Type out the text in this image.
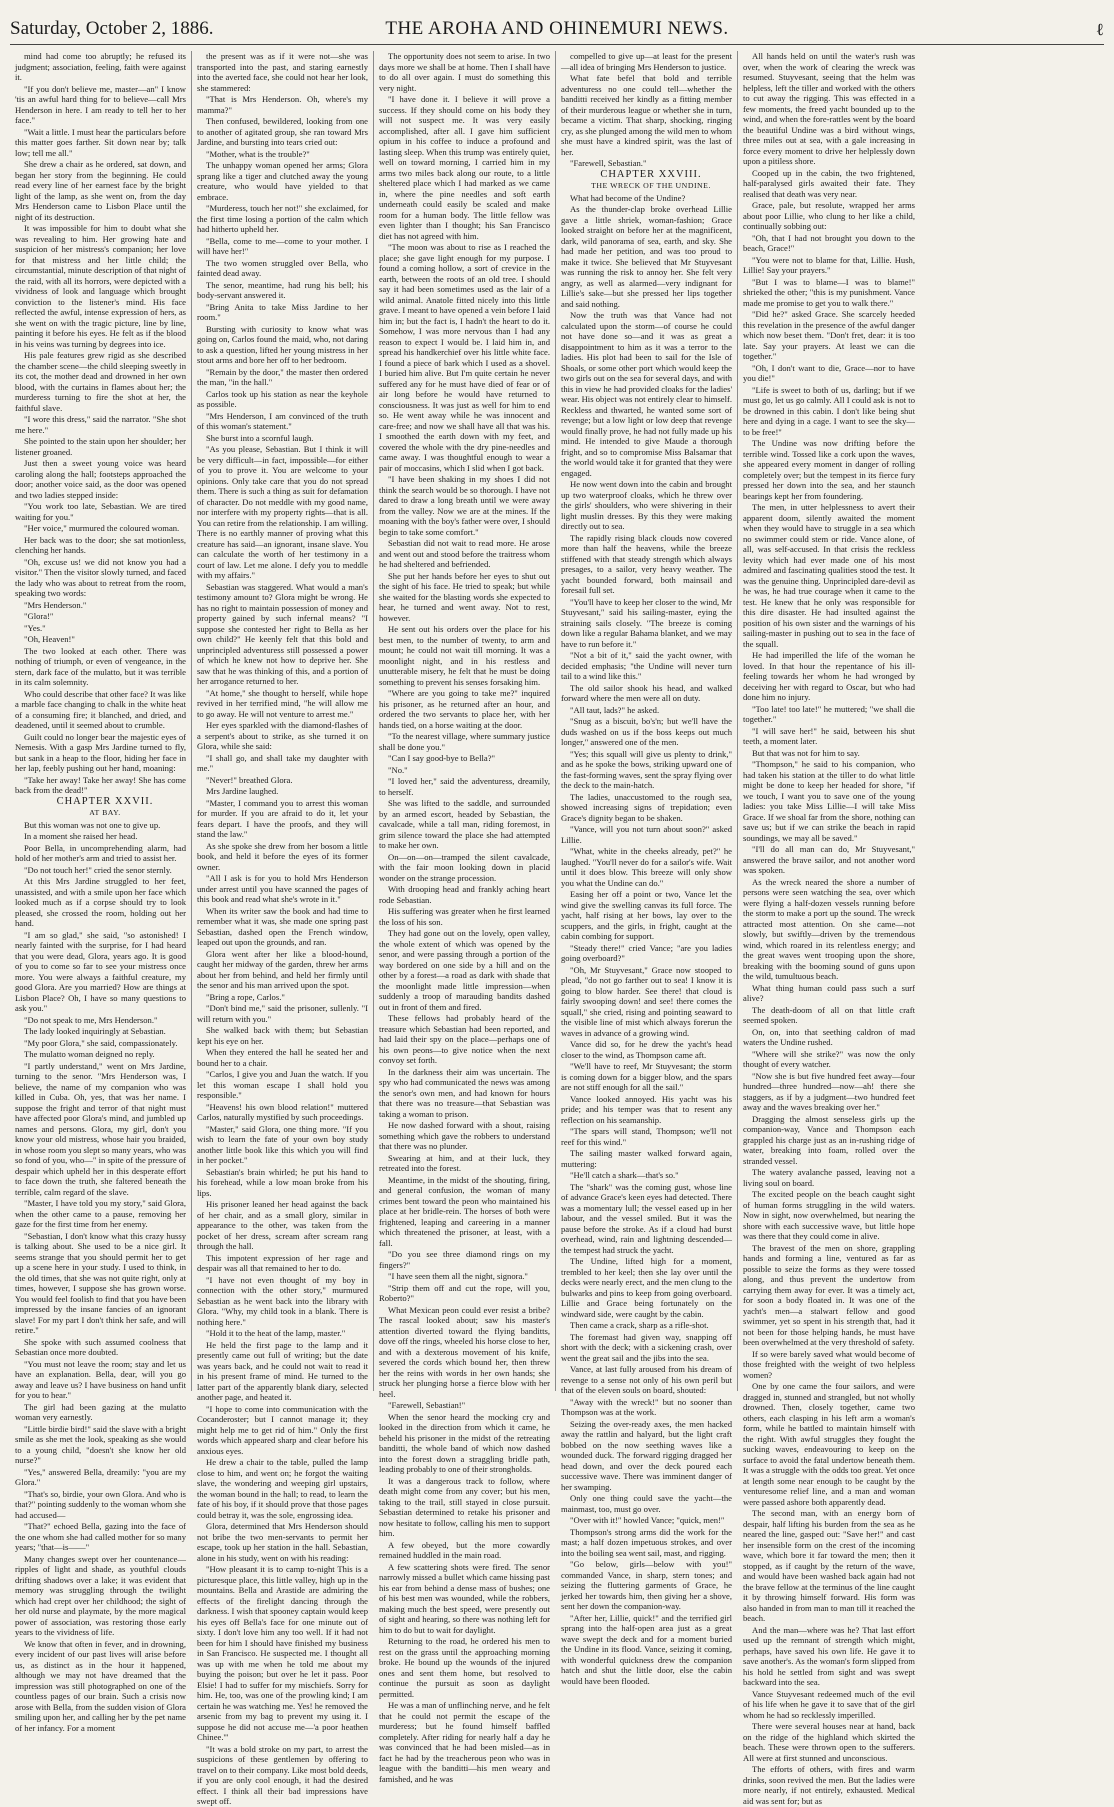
Saturday, October 2, 1886.	THE AROHA AND OHINEMURI NEWS.	ℓ

mind had come too abruptly; he refused its judgment; association, feeling, faith were against it.

"If you don't believe me, master—an" I know 'tis an awful hard thing for to believe—call Mrs Henderson in here. I am ready to tell her to her face."

"Wait a little. I must hear the particulars before this matter goes farther. Sit down near by; talk low; tell me all."

She drew a chair as he ordered, sat down, and began her story from the beginning. He could read every line of her earnest face by the bright light of the lamp, as she went on, from the day Mrs Henderson came to Lisbon Place until the night of its destruction.

It was impossible for him to doubt what she was revealing to him. Her growing hate and suspicion of her mistress's companion; her love for that mistress and her little child; the circumstantial, minute description of that night of the raid, with all its horrors, were depicted with a vividness of look and language which brought conviction to the listener's mind. His face reflected the awful, intense expression of hers, as she went on with the tragic picture, line by line, painting it before his eyes. He felt as if the blood in his veins was turning by degrees into ice.

His pale features grew rigid as she described the chamber scene—the child sleeping sweetly in its cot, the mother dead and drowned in her own blood, with the curtains in flames about her; the murderess turning to fire the shot at her, the faithful slave.

"I wore this dress," said the narrator. "She shot me here."

She pointed to the stain upon her shoulder; her listener groaned.

Just then a sweet young voice was heard caroling along the hall; footsteps approached the door; another voice said, as the door was opened and two ladies stepped inside:

"You work too late, Sebastian. We are tired waiting for you."

"Her voice," murmured the coloured woman.

Her back was to the door; she sat motionless, clenching her hands.

"Oh, excuse us! we did not know you had a visitor." Then the visitor slowly turned, and faced the lady who was about to retreat from the room, speaking two words:

"Mrs Henderson."

"Glora!"

"Yes."

"Oh, Heaven!"

The two looked at each other. There was nothing of triumph, or even of vengeance, in the stern, dark face of the mulatto, but it was terrible in its calm solemnity.

Who could describe that other face? It was like a marble face changing to chalk in the white heat of a consuming fire; it blanched, and dried, and deadened, until it seemed about to crumble.

Guilt could no longer bear the majestic eyes of Nemesis. With a gasp Mrs Jardine turned to fly, but sank in a heap to the floor, hiding her face in her lap, feebly pushing out her hand, moaning:

"Take her away! Take her away! She has come back from the dead!"

CHAPTER XXVII.

AT BAY.

But this woman was not one to give up.

In a moment she raised her head.

Poor Bella, in uncomprehending alarm, had hold of her mother's arm and tried to assist her.

"Do not touch her!" cried the senor sternly.

At this Mrs Jardine struggled to her feet, unassisted, and with a smile upon her face which looked much as if a corpse should try to look pleased, she crossed the room, holding out her hand.

"I am so glad," she said, "so astonished! I nearly fainted with the surprise, for I had heard that you were dead, Glora, years ago. It is good of you to come so far to see your mistress once more. You were always a faithful creature, my good Glora. Are you married? How are things at Lisbon Place? Oh, I have so many questions to ask you."

"Do not speak to me, Mrs Henderson."

The lady looked inquiringly at Sebastian.

"My poor Glora," she said, compassionately.

The mulatto woman deigned no reply.

"I partly understand," went on Mrs Jardine, turning to the senor. "Mrs Henderson was, I believe, the name of my companion who was killed in Cuba. Oh, yes, that was her name. I suppose the fright and terror of that night must have affected poor Glora's mind, and jumbled up names and persons. Glora, my girl, don't you know your old mistress, whose hair you braided, in whose room you slept so many years, who was so fond of you, who—" in spite of the pressure of despair which upheld her in this desperate effort to face down the truth, she faltered beneath the terrible, calm regard of the slave.

"Master, I have told you my story," said Glora, when the other came to a pause, removing her gaze for the first time from her enemy.

"Sebastian, I don't know what this crazy hussy is talking about. She used to be a nice girl. It seems strange that you should permit her to get up a scene here in your study. I used to think, in the old times, that she was not quite right, only at times, however, I suppose she has grown worse. You would feel foolish to find that you have been impressed by the insane fancies of an ignorant slave! For my part I don't think her safe, and will retire."

She spoke with such assumed coolness that Sebastian once more doubted.

"You must not leave the room; stay and let us have an explanation. Bella, dear, will you go away and leave us? I have business on hand unfit for you to hear."

The girl had been gazing at the mulatto woman very earnestly.

"Little birdie bird!" said the slave with a bright smile as she met the look, speaking as she would to a young child, "doesn't she know her old nurse?"

"Yes," answered Bella, dreamily: "you are my Glora."

"That's so, birdie, your own Glora. And who is that?" pointing suddenly to the woman whom she had accused—

"That?" echoed Bella, gazing into the face of the one whom she had called mother for so many years; "that—is——"

Many changes swept over her countenance—ripples of light and shade, as youthful clouds drifting shadows over a lake; it was evident that memory was struggling through the twilight which had crept over her childhood; the sight of her old nurse and playmate, by the more magical power of association, was restoring those early years to the vividness of life.

We know that often in fever, and in drowning, every incident of our past lives will arise before us, as distinct as in the hour it happened, although we may not have dreamed that the impression was still photographed on one of the countless pages of our brain. Such a crisis now arose with Bella, from the sudden vision of Glora smiling upon her, and calling her by the pet name of her infancy. For a moment

the present was as if it were not—she was transported into the past, and staring earnestly into the averted face, she could not hear her look, she stammered:

"That is Mrs Henderson. Oh, where's my mamma?"

Then confused, bewildered, looking from one to another of agitated group, she ran toward Mrs Jardine, and bursting into tears cried out:

"Mother, what is the trouble?"

The unhappy woman opened her arms; Glora sprang like a tiger and clutched away the young creature, who would have yielded to that embrace.

"Murderess, touch her not!" she exclaimed, for the first time losing a portion of the calm which had hitherto upheld her.

"Bella, come to me—come to your mother. I will have her!"

The two women struggled over Bella, who fainted dead away.

The senor, meantime, had rung his bell; his body-servant answered it.

"Bring Anita to take Miss Jardine to her room."

Bursting with curiosity to know what was going on, Carlos found the maid, who, not daring to ask a question, lifted her young mistress in her stout arms and bore her off to her bedroom.

"Remain by the door," the master then ordered the man, "in the hall."

Carlos took up his station as near the keyhole as possible.

"Mrs Henderson, I am convinced of the truth of this woman's statement."

She burst into a scornful laugh.

"As you please, Sebastian. But I think it will be very difficult—in fact, impossible—for either of you to prove it. You are welcome to your opinions. Only take care that you do not spread them. There is such a thing as suit for defamation of character. Do not meddle with my good name, nor interfere with my property rights—that is all. You can retire from the relationship. I am willing. There is no earthly manner of proving what this creature has said—an ignorant, insane slave. You can calculate the worth of her testimony in a court of law. Let me alone. I defy you to meddle with my affairs."

Sebastian was staggered. What would a man's testimony amount to? Glora might be wrong. He has no right to maintain possession of money and property gained by such infernal means? "I suppose she contested her right to Bella as her own child?" He keenly felt that this bold and unprincipled adventuress still possessed a power of which he knew not how to deprive her. She saw that he was thinking of this, and a portion of her arrogance returned to her.

"At home," she thought to herself, while hope revived in her terrified mind, "he will allow me to go away. He will not venture to arrest me."

Her eyes sparkled with the diamond-flashes of a serpent's about to strike, as she turned it on Glora, while she said:

"I shall go, and shall take my daughter with me."

"Never!" breathed Glora.

Mrs Jardine laughed.

"Master, I command you to arrest this woman for murder. If you are afraid to do it, let your fears depart. I have the proofs, and they will stand the law."

As she spoke she drew from her bosom a little book, and held it before the eyes of its former owner.

"All I ask is for you to hold Mrs Henderson under arrest until you have scanned the pages of this book and read what she's wrote in it."

When its writer saw the book and had time to remember what it was, she made one spring past Sebastian, dashed open the French window, leaped out upon the grounds, and ran.

Glora went after her like a blood-hound, caught her midway of the garden, threw her arms about her from behind, and held her firmly until the senor and his man arrived upon the spot.

"Bring a rope, Carlos."

"Don't bind me," said the prisoner, sullenly. "I will return with you."

She walked back with them; but Sebastian kept his eye on her.

When they entered the hall he seated her and bound her to a chair.

"Carlos, I give you and Juan the watch. If you let this woman escape I shall hold you responsible."

"Heavens! his own blood relation!" muttered Carlos, naturally mystified by such proceedings.

"Master," said Glora, one thing more. "If you wish to learn the fate of your own boy study another little book like this which you will find in her pocket."

Sebastian's brain whirled; he put his hand to his forehead, while a low moan broke from his lips.

His prisoner leaned her head against the back of her chair, and as a small glory, similar in appearance to the other, was taken from the pocket of her dress, scream after scream rang through the hall.

This impotent expression of her rage and despair was all that remained to her to do.

"I have not even thought of my boy in connection with the other story," murmured Sebastian as he went back into the library with Glora. "Why, my child took in a blank. There is nothing here."

"Hold it to the heat of the lamp, master."

He held the first page to the lamp and it presently came out full of writing; but the date was years back, and he could not wait to read it in his present frame of mind. He turned to the latter part of the apparently blank diary, selected another page, and heated it.

"I hope to come into communication with the Cocanderoster; but I cannot manage it; they might help me to get rid of him." Only the first words which appeared sharp and clear before his anxious eyes.

He drew a chair to the table, pulled the lamp close to him, and went on; he forgot the waiting slave, the wondering and weeping girl upstairs, the woman bound in the hall; to read, to learn the fate of his boy, if it should prove that those pages could betray it, was the sole, engrossing idea.

Glora, determined that Mrs Henderson should not bribe the two men-servants to permit her escape, took up her station in the hall. Sebastian, alone in his study, went on with his reading:

"How pleasant it is to camp to-night This is a picturesque place, this little valley, high up in the mountains. Bella and Arastide are admiring the effects of the firelight dancing through the darkness. I wish that spooney captain would keep his eyes off Bella's face for one minute out of sixty. I don't love him any too well. If it had not been for him I should have finished my business in San Francisco. He suspected me. I thought all was up with me when he told me about my buying the poison; but over he let it pass. Poor Elsie! I had to suffer for my mischiefs. Sorry for him. He, too, was one of the prowling kind; I am certain he was watching me. Yes! he removed the arsenic from my bag to prevent my using it. I suppose he did not accuse me—'a poor heathen Chinee.'"

"It was a bold stroke on my part, to arrest the suspicions of these gentlemen by offering to travel on to their company. Like most bold deeds, if you are only cool enough, it had the desired effect. I think all their bad impressions have swept off.

The opportunity does not seem to arise. In two days more we shall be at home. Then I shall have to do all over again. I must do something this very night.

"I have done it. I believe it will prove a success. If they should come on his body they will not suspect me. It was very easily accomplished, after all. I gave him sufficient opium in his coffee to induce a profound and lasting sleep. When this trump was entirely quiet, well on toward morning, I carried him in my arms two miles back along our route, to a little sheltered place which I had marked as we came in, where the pine needles and soft earth underneath could easily be scaled and make room for a human body. The little fellow was even lighter than I thought; his San Francisco diet has not agreed with him.

"The moon was about to rise as I reached the place; she gave light enough for my purpose. I found a coming hollow, a sort of crevice in the earth, between the roots of an old tree. I should say it had been sometimes used as the lair of a wild animal. Anatole fitted nicely into this little grave. I meant to have opened a vein before I laid him in; but the fact is, I hadn't the heart to do it. Somehow, I was more nervous than I had any reason to expect I would be. I laid him in, and spread his handkerchief over his little white face. I found a piece of bark which I used as a shovel. I buried him alive. But I'm quite certain he never suffered any for he must have died of fear or of air long before he would have returned to consciousness. It was just as well for him to end so. He went away while he was innocent and care-free; and now we shall have all that was his. I smoothed the earth down with my feet, and covered the whole with the dry pine-needles and came away. I was thoughtful enough to wear a pair of moccasins, which I slid when I got back.

"I have been shaking in my shoes I did not think the search would be so thorough. I have not dared to draw a long breath until we were away from the valley. Now we are at the mines. If the moaning with the boy's father were over, I should begin to take some comfort."

Sebastian did not wait to read more. He arose and went out and stood before the traitress whom he had sheltered and befriended.

She put her hands before her eyes to shut out the sight of his face. He tried to speak; but while she waited for the blasting words she expected to hear, he turned and went away. Not to rest, however.

He sent out his orders over the place for his best men, to the number of twenty, to arm and mount; he could not wait till morning. It was a moonlight night, and in his restless and unutterable misery, he felt that he must be doing something to prevent his senses forsaking him.

"Where are you going to take me?" inquired his prisoner, as he returned after an hour, and ordered the two servants to place her, with her hands tied, on a horse waiting at the door.

"To the nearest village, where summary justice shall be done you."

"Can I say good-bye to Bella?"

"No."

"I loved her," said the adventuress, dreamily, to herself.

She was lifted to the saddle, and surrounded by an armed escort, headed by Sebastian, the cavalcade, while a tall man, riding foremost, in grim silence toward the place she had attempted to make her own.

On—on—on—tramped the silent cavalcade, with the fair moon looking down in placid wonder on the strange procession.

With drooping head and frankly aching heart rode Sebastian.

His suffering was greater when he first learned the loss of his son.

They had gone out on the lovely, open valley, the whole extent of which was opened by the senor, and were passing through a portion of the way bordered on one side by a hill and on the other by a forest—a road as dark with shade that the moonlight made little impression—when suddenly a troop of marauding bandits dashed out in front of them and fired.

These fellows had probably heard of the treasure which Sebastian had been reported, and had laid their spy on the place—perhaps one of his own peons—to give notice when the next convoy set forth.

In the darkness their aim was uncertain. The spy who had communicated the news was among the senor's own men, and had known for hours that there was no treasure—that Sebastian was taking a woman to prison.

He now dashed forward with a shout, raising something which gave the robbers to understand that there was no plunder.

Swearing at him, and at their luck, they retreated into the forest.

Meantime, in the midst of the shouting, firing, and general confusion, the woman of many crimes bent toward the peon who maintained his place at her bridle-rein. The horses of both were frightened, leaping and careering in a manner which threatened the prisoner, at least, with a fall.

"Do you see three diamond rings on my fingers?"

"I have seen them all the night, signora."

"Strip them off and cut the rope, will you, Roberto?"

What Mexican peon could ever resist a bribe? The rascal looked about; saw his master's attention diverted toward the flying banditts, dove off the rings, wheeled his horse close to her, and with a dexterous movement of his knife, severed the cords which bound her, then threw her the reins with words in her own hands; she struck her plunging horse a fierce blow with her heel.

"Farewell, Sebastian!"

When the senor heard the mocking cry and looked in the direction from which it came, he beheld his prisoner in the midst of the retreating banditti, the whole band of which now dashed into the forest down a straggling bridle path, leading probably to one of their strongholds.

It was a dangerous track to follow, where death might come from any cover; but his men, taking to the trail, still stayed in close pursuit. Sebastian determined to retake his prisoner and now hesitate to follow, calling his men to support him.

A few obeyed, but the more cowardly remained huddled in the main road.

A few scattering shots were fired. The senor narrowly missed a bullet which came hissing past his ear from behind a dense mass of bushes; one of his best men was wounded, while the robbers, making much the best speed, were presently out of sight and hearing, so there was nothing left for him to do but to wait for daylight.

Returning to the road, he ordered his men to rest on the grass until the approaching morning broke. He bound up the wounds of the injured ones and sent them home, but resolved to continue the pursuit as soon as daylight permitted.

He was a man of unflinching nerve, and he felt that he could not permit the escape of the murderess; but he found himself baffled completely. After riding for nearly half a day he was convinced that he had been misled—as in fact he had by the treacherous peon who was in league with the banditti—his men weary and famished, and he was

compelled to give up—at least for the present—all idea of bringing Mrs Henderson to justice.

What fate befel that bold and terrible adventuress no one could tell—whether the banditti received her kindly as a fitting member of their murderous league or whether she in turn, became a victim. That sharp, shocking, ringing cry, as she plunged among the wild men to whom she must have a kindred spirit, was the last of her.

"Farewell, Sebastian."

CHAPTER XXVIII.

THE WRECK OF THE UNDINE.

What had become of the Undine?

As the thunder-clap broke overhead Lillie gave a little shriek, woman-fashion; Grace looked straight on before her at the magnificent, dark, wild panorama of sea, earth, and sky. She had made her petition, and was too proud to make it twice. She believed that Mr Stuyvesant was running the risk to annoy her. She felt very angry, as well as alarmed—very indignant for Lillie's sake—but she pressed her lips together and said nothing.

Now the truth was that Vance had not calculated upon the storm—of course he could not have done so—and it was as great a disappointment to him as it was a terror to the ladies. His plot had been to sail for the Isle of Shoals, or some other port which would keep the two girls out on the sea for several days, and with this in view he had provided cloaks for the ladies' wear. His object was not entirely clear to himself. Reckless and thwarted, he wanted some sort of revenge; but a low light or low deep that revenge would finally prove, he had not fully made up his mind. He intended to give Maude a thorough fright, and so to compromise Miss Balsamar that the world would take it for granted that they were engaged.

He now went down into the cabin and brought up two waterproof cloaks, which he threw over the girls' shoulders, who were shivering in their light muslin dresses. By this they were making directly out to sea.

The rapidly rising black clouds now covered more than half the heavens, while the breeze stiffened with that steady strength which always presages, to a sailor, very heavy weather. The yacht bounded forward, both mainsail and foresail full set.

"You'll have to keep her closer to the wind, Mr Stuyvesant," said his sailing-master, eying the straining sails closely. "The breeze is coming down like a regular Bahama blanket, and we may have to run before it."

"Not a bit of it," said the yacht owner, with decided emphasis; "the Undine will never turn tail to a wind like this."

The old sailor shook his head, and walked forward where the men were all on duty.

"All taut, lads?" he asked.

"Snug as a biscuit, bo's'n; but we'll have the duds washed on us if the boss keeps out much longer," answered one of the men.

"Yes; this squall will give us plenty to drink," and as he spoke the bows, striking upward one of the fast-forming waves, sent the spray flying over the deck to the main-hatch.

The ladies, unaccustomed to the rough sea, showed increasing signs of trepidation; even Grace's dignity began to be shaken.

"Vance, will you not turn about soon?" asked Lillie.

"What, white in the cheeks already, pet?" he laughed. "You'll never do for a sailor's wife. Wait until it does blow. This breeze will only show you what the Undine can do."

Easing her off a point or two, Vance let the wind give the swelling canvas its full force. The yacht, half rising at her bows, lay over to the scuppers, and the girls, in fright, caught at the cabin combing for support.

"Steady there!" cried Vance; "are you ladies going overboard?"

"Oh, Mr Stuyvesant," Grace now stooped to plead, "do not go farther out to sea! I know it is going to blow harder. See there! that cloud is fairly swooping down! and see! there comes the squall," she cried, rising and pointing seaward to the visible line of mist which always forerun the waves in advance of a growing wind.

Vance did so, for he drew the yacht's head closer to the wind, as Thompson came aft.

"We'll have to reef, Mr Stuyvesant; the storm is coming down for a bigger blow, and the spars are not stiff enough for all the sail."

Vance looked annoyed. His yacht was his pride; and his temper was that to resent any reflection on his seamanship.

"The spars will stand, Thompson; we'll not reef for this wind."

The sailing master walked forward again, muttering:

"He'll catch a shark—that's so."

The "shark" was the coming gust, whose line of advance Grace's keen eyes had detected. There was a momentary lull; the vessel eased up in her labour, and the vessel smiled. But it was the pause before the stroke. As if a cloud had burst overhead, wind, rain and lightning descended—the tempest had struck the yacht.

The Undine, lifted high for a moment, trembled to her keel; then she lay over until the decks were nearly erect, and the men clung to the bulwarks and pins to keep from going overboard. Lillie and Grace being fortunately on the windward side, were caught by the cabin.

Then came a crack, sharp as a rifle-shot.

The foremast had given way, snapping off short with the deck; with a sickening crash, over went the great sail and the jibs into the sea.

Vance, at last fully aroused from his dream of revenge to a sense not only of his own peril but that of the eleven souls on board, shouted:

"Away with the wreck!" but no sooner than Thompson was at the work.

Seizing the over-ready axes, the men hacked away the rattlin and halyard, but the light craft bobbed on the now seething waves like a wounded duck. The forward rigging dragged her head down, and over the deck poured each successive wave. There was imminent danger of her swamping.

Only one thing could save the yacht—the mainmast, too, must go over.

"Over with it!" howled Vance; "quick, men!"

Thompson's strong arms did the work for the mast; a half dozen impetuous strokes, and over into the boiling sea went sail, mast, and rigging.

"Go below, girls—below with you!" commanded Vance, in sharp, stern tones; and seizing the fluttering garments of Grace, he jerked her towards him, then giving her a shove, sent her down the companion-way.

"After her, Lillie, quick!" and the terrified girl sprang into the half-open area just as a great wave swept the deck and for a moment buried the Undine in its flood. Vance, seizing it coming, with wonderful quickness drew the companion hatch and shut the little door, else the cabin would have been flooded.

All hands held on until the water's rush was over, when the work of clearing the wreck was resumed. Stuyvesant, seeing that the helm was helpless, left the tiller and worked with the others to cut away the rigging. This was effected in a few moments, the freed yacht bounded up to the wind, and when the fore-rattles went by the board the beautiful Undine was a bird without wings, three miles out at sea, with a gale increasing in force every moment to drive her helplessly down upon a pitiless shore.

Cooped up in the cabin, the two frightened, half-paralysed girls awaited their fate. They realised that death was very near.

Grace, pale, but resolute, wrapped her arms about poor Lillie, who clung to her like a child, continually sobbing out:

"Oh, that I had not brought you down to the beach, Grace!"

"You were not to blame for that, Lillie. Hush, Lillie! Say your prayers."

"But I was to blame—I was to blame!" shrieked the other; "this is my punishment. Vance made me promise to get you to walk there."

"Did he?" asked Grace. She scarcely heeded this revelation in the presence of the awful danger which now beset them. "Don't fret, dear: it is too late. Say your prayers. At least we can die together."

"Oh, I don't want to die, Grace—nor to have you die!"

"Life is sweet to both of us, darling; but if we must go, let us go calmly. All I could ask is not to be drowned in this cabin. I don't like being shut here and dying in a cage. I want to see the sky—to be free!"

The Undine was now drifting before the terrible wind. Tossed like a cork upon the waves, she appeared every moment in danger of rolling completely over; but the tempest in its fierce fury pressed her down into the sea, and her staunch bearings kept her from foundering.

The men, in utter helplessness to avert their apparent doom, silently awaited the moment when they would have to struggle in a sea which no swimmer could stem or ride. Vance alone, of all, was self-accused. In that crisis the reckless levity which had ever made one of his most admired and fascinating qualities stood the test. It was the genuine thing. Unprincipled dare-devil as he was, he had true courage when it came to the test. He knew that he only was responsible for this dire disaster. He had insulted against the position of his own sister and the warnings of his sailing-master in pushing out to sea in the face of the squall.

He had imperilled the life of the woman he loved. In that hour the repentance of his ill-feeling towards her whom he had wronged by deceiving her with regard to Oscar, but who had done him no injury.

"Too late! too late!" he muttered; "we shall die together."

"I will save her!" he said, between his shut teeth, a moment later.

But that was not for him to say.

"Thompson," he said to his companion, who had taken his station at the tiller to do what little might be done to keep her headed for shore, "if we touch, I want you to save one of the young ladies: you take Miss Lillie—I will take Miss Grace. If we shoal far from the shore, nothing can save us; but if we can strike the beach in rapid soundings, we may all be saved."

"I'll do all man can do, Mr Stuyvesant," answered the brave sailor, and not another word was spoken.

As the wreck neared the shore a number of persons were seen watching the sea, over which were flying a half-dozen vessels running before the storm to make a port up the sound. The wreck attracted most attention. On she came—not slowly, but swiftly—driven by the tremendous wind, which roared in its relentless energy; and the great waves went trooping upon the shore, breaking with the booming sound of guns upon the wild, tumultuous beach.

What thing human could pass such a surf alive?

The death-doom of all on that little craft seemed spoken.

On, on, into that seething caldron of mad waters the Undine rushed.

"Where will she strike?" was now the only thought of every watcher.

"Now she is but five hundred feet away—four hundred—three hundred—now—ah! there she staggers, as if by a judgment—two hundred feet away and the waves breaking over her."

Dragging the almost senseless girls up the companion-way, Vance and Thompson each grappled his charge just as an in-rushing ridge of water, breaking into foam, rolled over the stranded vessel.

The watery avalanche passed, leaving not a living soul on board.

The excited people on the beach caught sight of human forms struggling in the wild waters. Now in sight, now overwhelmed, but nearing the shore with each successive wave, but little hope was there that they could come in alive.

The bravest of the men on shore, grappling hands and forming a line, ventured as far as possible to seize the forms as they were tossed along, and thus prevent the undertow from carrying them away for ever. It was a timely act, for soon a body floated in. It was one of the yacht's men—a stalwart fellow and good swimmer, yet so spent in his strength that, had it not been for those helping hands, he must have been overwhelmed at the very threshold of safety.

If so were barely saved what would become of those freighted with the weight of two helpless women?

One by one came the four sailors, and were dragged in, stunned and strangled, but not wholly drowned. Then, closely together, came two others, each clasping in his left arm a woman's form, while he battled to maintain himself with the right. With awful struggles they fought the sucking waves, endeavouring to keep on the surface to avoid the fatal undertow beneath them. It was a struggle with the odds too great. Yet once at length some near enough to be caught by the venturesome relief line, and a man and woman were passed ashore both apparently dead.

The second man, with an energy born of despair, half lifting his burden from the sea as he neared the line, gasped out: "Save her!" and cast her insensible form on the crest of the incoming wave, which bore it far toward the men; then it stopped, as if caught by the return of the wave, and would have been washed back again had not the brave fellow at the terminus of the line caught it by throwing himself forward. His form was also handed in from man to man till it reached the beach.

And the man—where was he? That last effort used up the remnant of strength which might, perhaps, have saved his own life. He gave it to save another's. As the woman's form slipped from his hold he settled from sight and was swept backward into the sea.

Vance Stuyvesant redeemed much of the evil of his life when he gave it to save that of the girl whom he had so recklessly imperilled.

There were several houses near at hand, back on the ridge of the highland which skirted the beach. These were thrown open to the sufferers. All were at first stunned and unconscious.

The efforts of others, with fires and warm drinks, soon revived the men. But the ladies were more nearly, if not entirely, exhausted. Medical aid was sent for; but as
